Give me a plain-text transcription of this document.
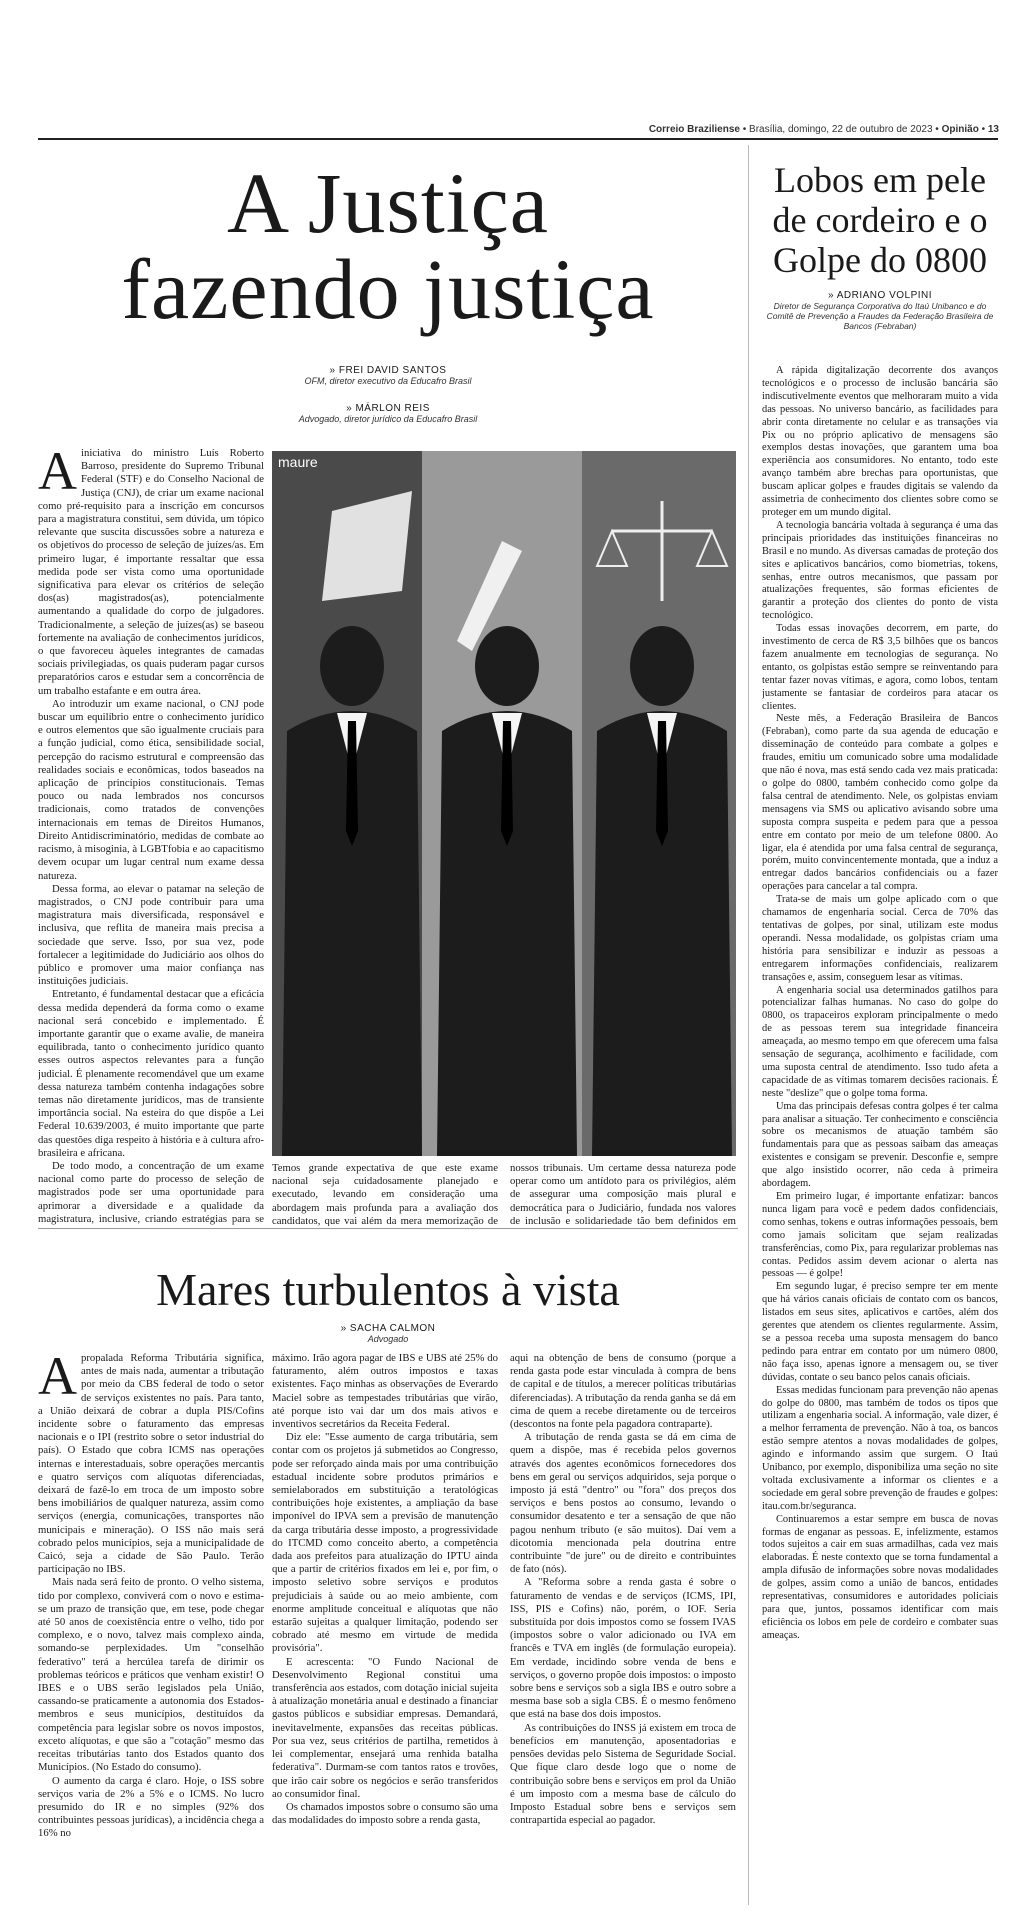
Correio Braziliense • Brasília, domingo, 22 de outubro de 2023 • Opinião • 13
A Justiça
fazendo justiça
» FREI DAVID SANTOS
OFM, diretor executivo da Educafro Brasil
» MÁRLON REIS
Advogado, diretor jurídico da Educafro Brasil

A iniciativa do ministro Luís Roberto Barroso, presidente do Supremo Tribunal Federal (STF) e do Conselho Nacional de Justiça (CNJ), de criar um exame nacional como pré-requisito para a inscrição em concursos para a magistratura constitui, sem dúvida, um tópico relevante que suscita discussões sobre a natureza e os objetivos do processo de seleção de juízes/as. Em primeiro lugar, é importante ressaltar que essa medida pode ser vista como uma oportunidade significativa para elevar os critérios de seleção dos(as) magistrados(as), potencialmente aumentando a qualidade do corpo de julgadores. Tradicionalmente, a seleção de juízes(as) se baseou fortemente na avaliação de conhecimentos jurídicos, o que favoreceu àqueles integrantes de camadas sociais privilegiadas, os quais puderam pagar cursos preparatórios caros e estudar sem a concorrência de um trabalho estafante e em outra área.

Ao introduzir um exame nacional, o CNJ pode buscar um equilíbrio entre o conhecimento jurídico e outros elementos que são igualmente cruciais para a função judicial, como ética, sensibilidade social, percepção do racismo estrutural e compreensão das realidades sociais e econômicas, todos baseados na aplicação de princípios constitucionais. Temas pouco ou nada lembrados nos concursos tradicionais, como tratados de convenções internacionais em temas de Direitos Humanos, Direito Antidiscriminatório, medidas de combate ao racismo, à misoginia, à LGBTfobia e ao capacitismo devem ocupar um lugar central num exame dessa natureza.

Dessa forma, ao elevar o patamar na seleção de magistrados, o CNJ pode contribuir para uma magistratura mais diversificada, responsável e inclusiva, que reflita de maneira mais precisa a sociedade que serve. Isso, por sua vez, pode fortalecer a legitimidade do Judiciário aos olhos do público e promover uma maior confiança nas instituições judiciais.

Entretanto, é fundamental destacar que a eficácia dessa medida dependerá da forma como o exame nacional será concebido e implementado. É importante garantir que o exame avalie, de maneira equilibrada, tanto o conhecimento jurídico quanto esses outros aspectos relevantes para a função judicial. É plenamente recomendável que um exame dessa natureza também contenha indagações sobre temas não diretamente jurídicos, mas de transiente importância social. Na esteira do que dispõe a Lei Federal 10.639/2003, é muito importante que parte das questões diga respeito à história e à cultura afro-brasileira e africana.

De todo modo, a concentração de um exame nacional como parte do processo de seleção de magistrados pode ser uma oportunidade para aprimorar a diversidade e a qualidade da magistratura, inclusive, criando estratégias para se

maure

Temos grande expectativa de que este exame nacional seja cuidadosamente planejado e executado, levando em consideração uma abordagem mais profunda para a avaliação dos candidatos, que vai além da mera memorização de

nossos tribunais. Um certame dessa natureza pode operar como um antídoto para os privilégios, além de assegurar uma composição mais plural e democrática para o Judiciário, fundada nos valores de inclusão e solidariedade tão bem definidos em

Lobos em pele de cordeiro e o Golpe do 0800
» ADRIANO VOLPINI
Diretor de Segurança Corporativa do Itaú Unibanco e do Comitê de Prevenção a Fraudes da Federação Brasileira de Bancos (Febraban)

A rápida digitalização decorrente dos avanços tecnológicos e o processo de inclusão bancária são indiscutivelmente eventos que melhoraram muito a vida das pessoas. No universo bancário, as facilidades para abrir conta diretamente no celular e as transações via Pix ou no próprio aplicativo de mensagens são exemplos destas inovações, que garantem uma boa experiência aos consumidores. No entanto, todo este avanço também abre brechas para oportunistas, que buscam aplicar golpes e fraudes digitais se valendo da assimetria de conhecimento dos clientes sobre como se proteger em um mundo digital.

A tecnologia bancária voltada à segurança é uma das principais prioridades das instituições financeiras no Brasil e no mundo. As diversas camadas de proteção dos sites e aplicativos bancários, como biometrias, tokens, senhas, entre outros mecanismos, que passam por atualizações frequentes, são formas eficientes de garantir a proteção dos clientes do ponto de vista tecnológico.

Todas essas inovações decorrem, em parte, do investimento de cerca de R$ 3,5 bilhões que os bancos fazem anualmente em tecnologias de segurança. No entanto, os golpistas estão sempre se reinventando para tentar fazer novas vítimas, e agora, como lobos, tentam justamente se fantasiar de cordeiros para atacar os clientes.

Neste mês, a Federação Brasileira de Bancos (Febraban), como parte da sua agenda de educação e disseminação de conteúdo para combate a golpes e fraudes, emitiu um comunicado sobre uma modalidade que não é nova, mas está sendo cada vez mais praticada: o golpe do 0800, também conhecido como golpe da falsa central de atendimento. Nele, os golpistas enviam mensagens via SMS ou aplicativo avisando sobre uma suposta compra suspeita e pedem para que a pessoa entre em contato por meio de um telefone 0800. Ao ligar, ela é atendida por uma falsa central de segurança, porém, muito convincentemente montada, que a induz a entregar dados bancários confidenciais ou a fazer operações para cancelar a tal compra.

Trata-se de mais um golpe aplicado com o que chamamos de engenharia social. Cerca de 70% das tentativas de golpes, por sinal, utilizam este modus operandi. Nessa modalidade, os golpistas criam uma história para sensibilizar e induzir as pessoas a entregarem informações confidenciais, realizarem transações e, assim, conseguem lesar as vítimas.

A engenharia social usa determinados gatilhos para potencializar falhas humanas. No caso do golpe do 0800, os trapaceiros exploram principalmente o medo de as pessoas terem sua integridade financeira ameaçada, ao mesmo tempo em que oferecem uma falsa sensação de segurança, acolhimento e facilidade, com uma suposta central de atendimento. Isso tudo afeta a capacidade de as vítimas tomarem decisões racionais. É neste "deslize" que o golpe toma forma.

Uma das principais defesas contra golpes é ter calma para analisar a situação. Ter conhecimento e consciência sobre os mecanismos de atuação também são fundamentais para que as pessoas saibam das ameaças existentes e consigam se prevenir. Desconfie e, sempre que algo insistido ocorrer, não ceda à primeira abordagem.

Em primeiro lugar, é importante enfatizar: bancos nunca ligam para você e pedem dados confidenciais, como senhas, tokens e outras informações pessoais, bem como jamais solicitam que sejam realizadas transferências, como Pix, para regularizar problemas nas contas. Pedidos assim devem acionar o alerta nas pessoas — é golpe!

Em segundo lugar, é preciso sempre ter em mente que há vários canais oficiais de contato com os bancos, listados em seus sites, aplicativos e cartões, além dos gerentes que atendem os clientes regularmente. Assim, se a pessoa receba uma suposta mensagem do banco pedindo para entrar em contato por um número 0800, não faça isso, apenas ignore a mensagem ou, se tiver dúvidas, contate o seu banco pelos canais oficiais.

Essas medidas funcionam para prevenção não apenas do golpe do 0800, mas também de todos os tipos que utilizam a engenharia social. A informação, vale dizer, é a melhor ferramenta de prevenção. Não à toa, os bancos estão sempre atentos a novas modalidades de golpes, agindo e informando assim que surgem. O Itaú Unibanco, por exemplo, disponibiliza uma seção no site voltada exclusivamente a informar os clientes e a sociedade em geral sobre prevenção de fraudes e golpes: itau.com.br/seguranca.

Continuaremos a estar sempre em busca de novas formas de enganar as pessoas. E, infelizmente, estamos todos sujeitos a cair em suas armadilhas, cada vez mais elaboradas. É neste contexto que se torna fundamental a ampla difusão de informações sobre novas modalidades de golpes, assim como a união de bancos, entidades representativas, consumidores e autoridades policiais para que, juntos, possamos identificar com mais eficiência os lobos em pele de cordeiro e combater suas ameaças.

Mares turbulentos à vista
» SACHA CALMON
Advogado

A propalada Reforma Tributária significa, antes de mais nada, aumentar a tributação por meio da CBS federal de todo o setor de serviços existentes no país. Para tanto, a União deixará de cobrar a dupla PIS/Cofins incidente sobre o faturamento das empresas nacionais e o IPI (restrito sobre o setor industrial do país). O Estado que cobra ICMS nas operações internas e interestaduais, sobre operações mercantis e quatro serviços com alíquotas diferenciadas, deixará de fazê-lo em troca de um imposto sobre bens imobiliários de qualquer natureza, assim como serviços (energia, comunicações, transportes não municipais e mineração). O ISS não mais será cobrado pelos municípios, seja a municipalidade de Caicó, seja a cidade de São Paulo. Terão participação no IBS.

Mais nada será feito de pronto. O velho sistema, tido por complexo, conviverá com o novo e estima-se um prazo de transição que, em tese, pode chegar até 50 anos de coexistência entre o velho, tido por complexo, e o novo, talvez mais complexo ainda, somando-se perplexidades. Um "conselhão federativo" terá a hercúlea tarefa de dirimir os problemas teóricos e práticos que venham existir! O IBES e o UBS serão legislados pela União, cassando-se praticamente a autonomia dos Estados-membros e seus municípios, destituídos da competência para legislar sobre os novos impostos, exceto alíquotas, e que são a "cotação" mesmo das receitas tributárias tanto dos Estados quanto dos Municípios. (No Estado do consumo).

O aumento da carga é claro. Hoje, o ISS sobre serviços varia de 2% a 5% e o ICMS. No lucro presumido do IR e no simples (92% dos contribuintes pessoas jurídicas), a incidência chega a 16% no

máximo. Irão agora pagar de IBS e UBS até 25% do faturamento, além outros impostos e taxas existentes. Faço minhas as observações de Everardo Maciel sobre as tempestades tributárias que virão, até porque isto vai dar um dos mais ativos e inventivos secretários da Receita Federal.

Diz ele: "Esse aumento de carga tributária, sem contar com os projetos já submetidos ao Congresso, pode ser reforçado ainda mais por uma contribuição estadual incidente sobre produtos primários e semielaborados em substituição a teratológicas contribuições hoje existentes, a ampliação da base imponível do IPVA sem a previsão de manutenção da carga tributária desse imposto, a progressividade do ITCMD como conceito aberto, a competência dada aos prefeitos para atualização do IPTU ainda que a partir de critérios fixados em lei e, por fim, o imposto seletivo sobre serviços e produtos prejudiciais à saúde ou ao meio ambiente, com enorme amplitude conceitual e alíquotas que não estarão sujeitas a qualquer limitação, podendo ser cobrado até mesmo em virtude de medida provisória".

E acrescenta: "O Fundo Nacional de Desenvolvimento Regional constitui uma transferência aos estados, com dotação inicial sujeita à atualização monetária anual e destinado a financiar gastos públicos e subsidiar empresas. Demandará, inevitavelmente, expansões das receitas públicas. Por sua vez, seus critérios de partilha, remetidos à lei complementar, ensejará uma renhida batalha federativa". Durmam-se com tantos ratos e trovões, que irão cair sobre os negócios e serão transferidos ao consumidor final.

Os chamados impostos sobre o consumo são uma das modalidades do imposto sobre a renda gasta,

aqui na obtenção de bens de consumo (porque a renda gasta pode estar vinculada à compra de bens de capital e de títulos, a merecer políticas tributárias diferenciadas). A tributação da renda ganha se dá em cima de quem a recebe diretamente ou de terceiros (descontos na fonte pela pagadora contraparte).

A tributação de renda gasta se dá em cima de quem a dispõe, mas é recebida pelos governos através dos agentes econômicos fornecedores dos bens em geral ou serviços adquiridos, seja porque o imposto já está "dentro" ou "fora" dos preços dos serviços e bens postos ao consumo, levando o consumidor desatento e ter a sensação de que não pagou nenhum tributo (e são muitos). Daí vem a dicotomia mencionada pela doutrina entre contribuinte "de jure" ou de direito e contribuintes de fato (nós).

A "Reforma sobre a renda gasta é sobre o faturamento de vendas e de serviços (ICMS, IPI, ISS, PIS e Cofins) não, porém, o IOF. Seria substituída por dois impostos como se fossem IVAS (impostos sobre o valor adicionado ou IVA em francês e TVA em inglês (de formulação europeia). Em verdade, incidindo sobre venda de bens e serviços, o governo propõe dois impostos: o imposto sobre bens e serviços sob a sigla IBS e outro sobre a mesma base sob a sigla CBS. É o mesmo fenômeno que está na base dos dois impostos.

As contribuições do INSS já existem em troca de benefícios em manutenção, aposentadorias e pensões devidas pelo Sistema de Seguridade Social. Que fique claro desde logo que o nome de contribuição sobre bens e serviços em prol da União é um imposto com a mesma base de cálculo do Imposto Estadual sobre bens e serviços sem contrapartida especial ao pagador.
